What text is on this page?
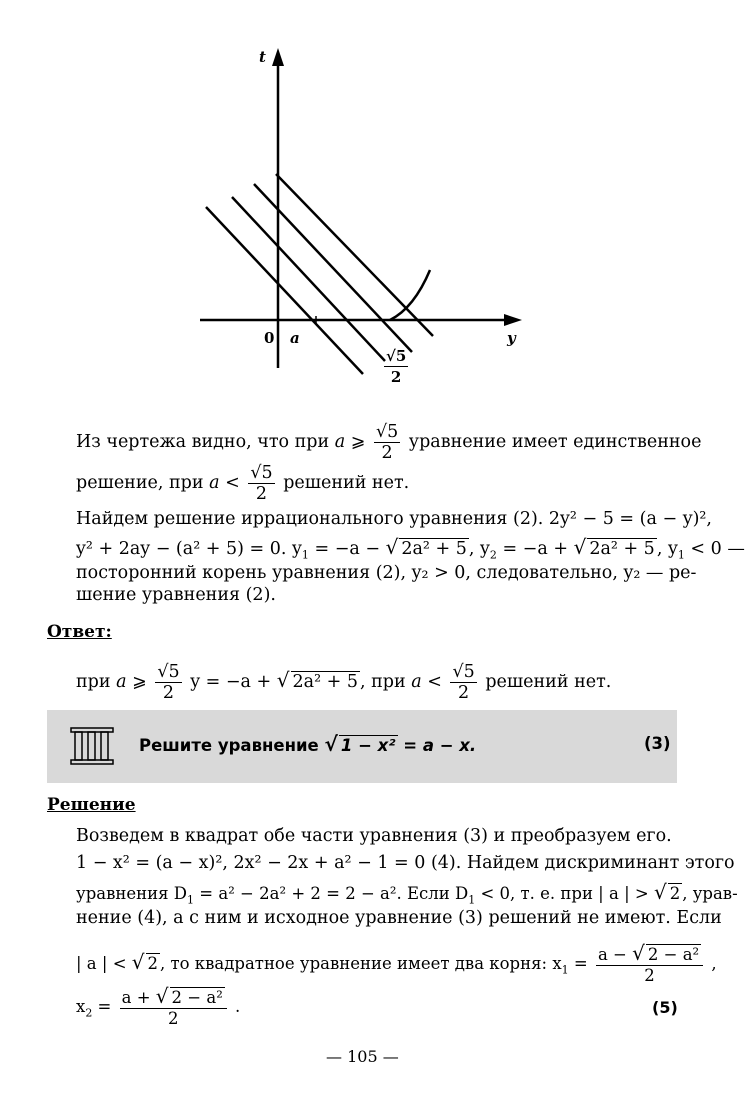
t
0 a	y
√5
2
Из чертежа видно, что при a ⩾ $\frac{√5}{2}$ уравнение имеет единственное
решение, при $a < \frac{√5}{2}$ решений нет.
Найдем решение иррационального уравнения (2). 2y² − 5 = (a − y)²,
y² + 2ay − (a² + 5) = 0. $y_1 = -a$ − √ 2a² + 5 , $y_2 = -a$ + √ 2a² + 5 , $y_1 < 0$ —
посторонний корень уравнения (2), y₂ > 0, следовательно, y₂ — ре-
шение уравнения (2).
Ответ:
при a ⩾ $\frac{√5}{2}$ y = −a + √ 2a² + 5 , при $a < \frac{√5}{2}$ решений нет.
Решите уравнение √ 1 − x² = a − x.	(3)
Решение
Возведем в квадрат обе части уравнения (3) и преобразуем его.
1 − x² = (a − x)², 2x² − 2x + a² − 1 = 0 (4). Найдем дискриминант этого
уравнения $D_1 = a^2 - 2a^2 + 2 = 2 - a^2$. Если $D_1 < 0$, т. е. при | a | > √ 2 , урав-
нение (4), а с ним и исходное уравнение (3) решений не имеют. Если
| a | < √ 2 , то квадратное уравнение имеет два корня: $x_1 = \frac{\text{a − √ 2 − a²}}{2}$ ,
$x_2 = \frac{\text{a + √ 2 − a²}}{2}$ .	(5)
— 105 —
